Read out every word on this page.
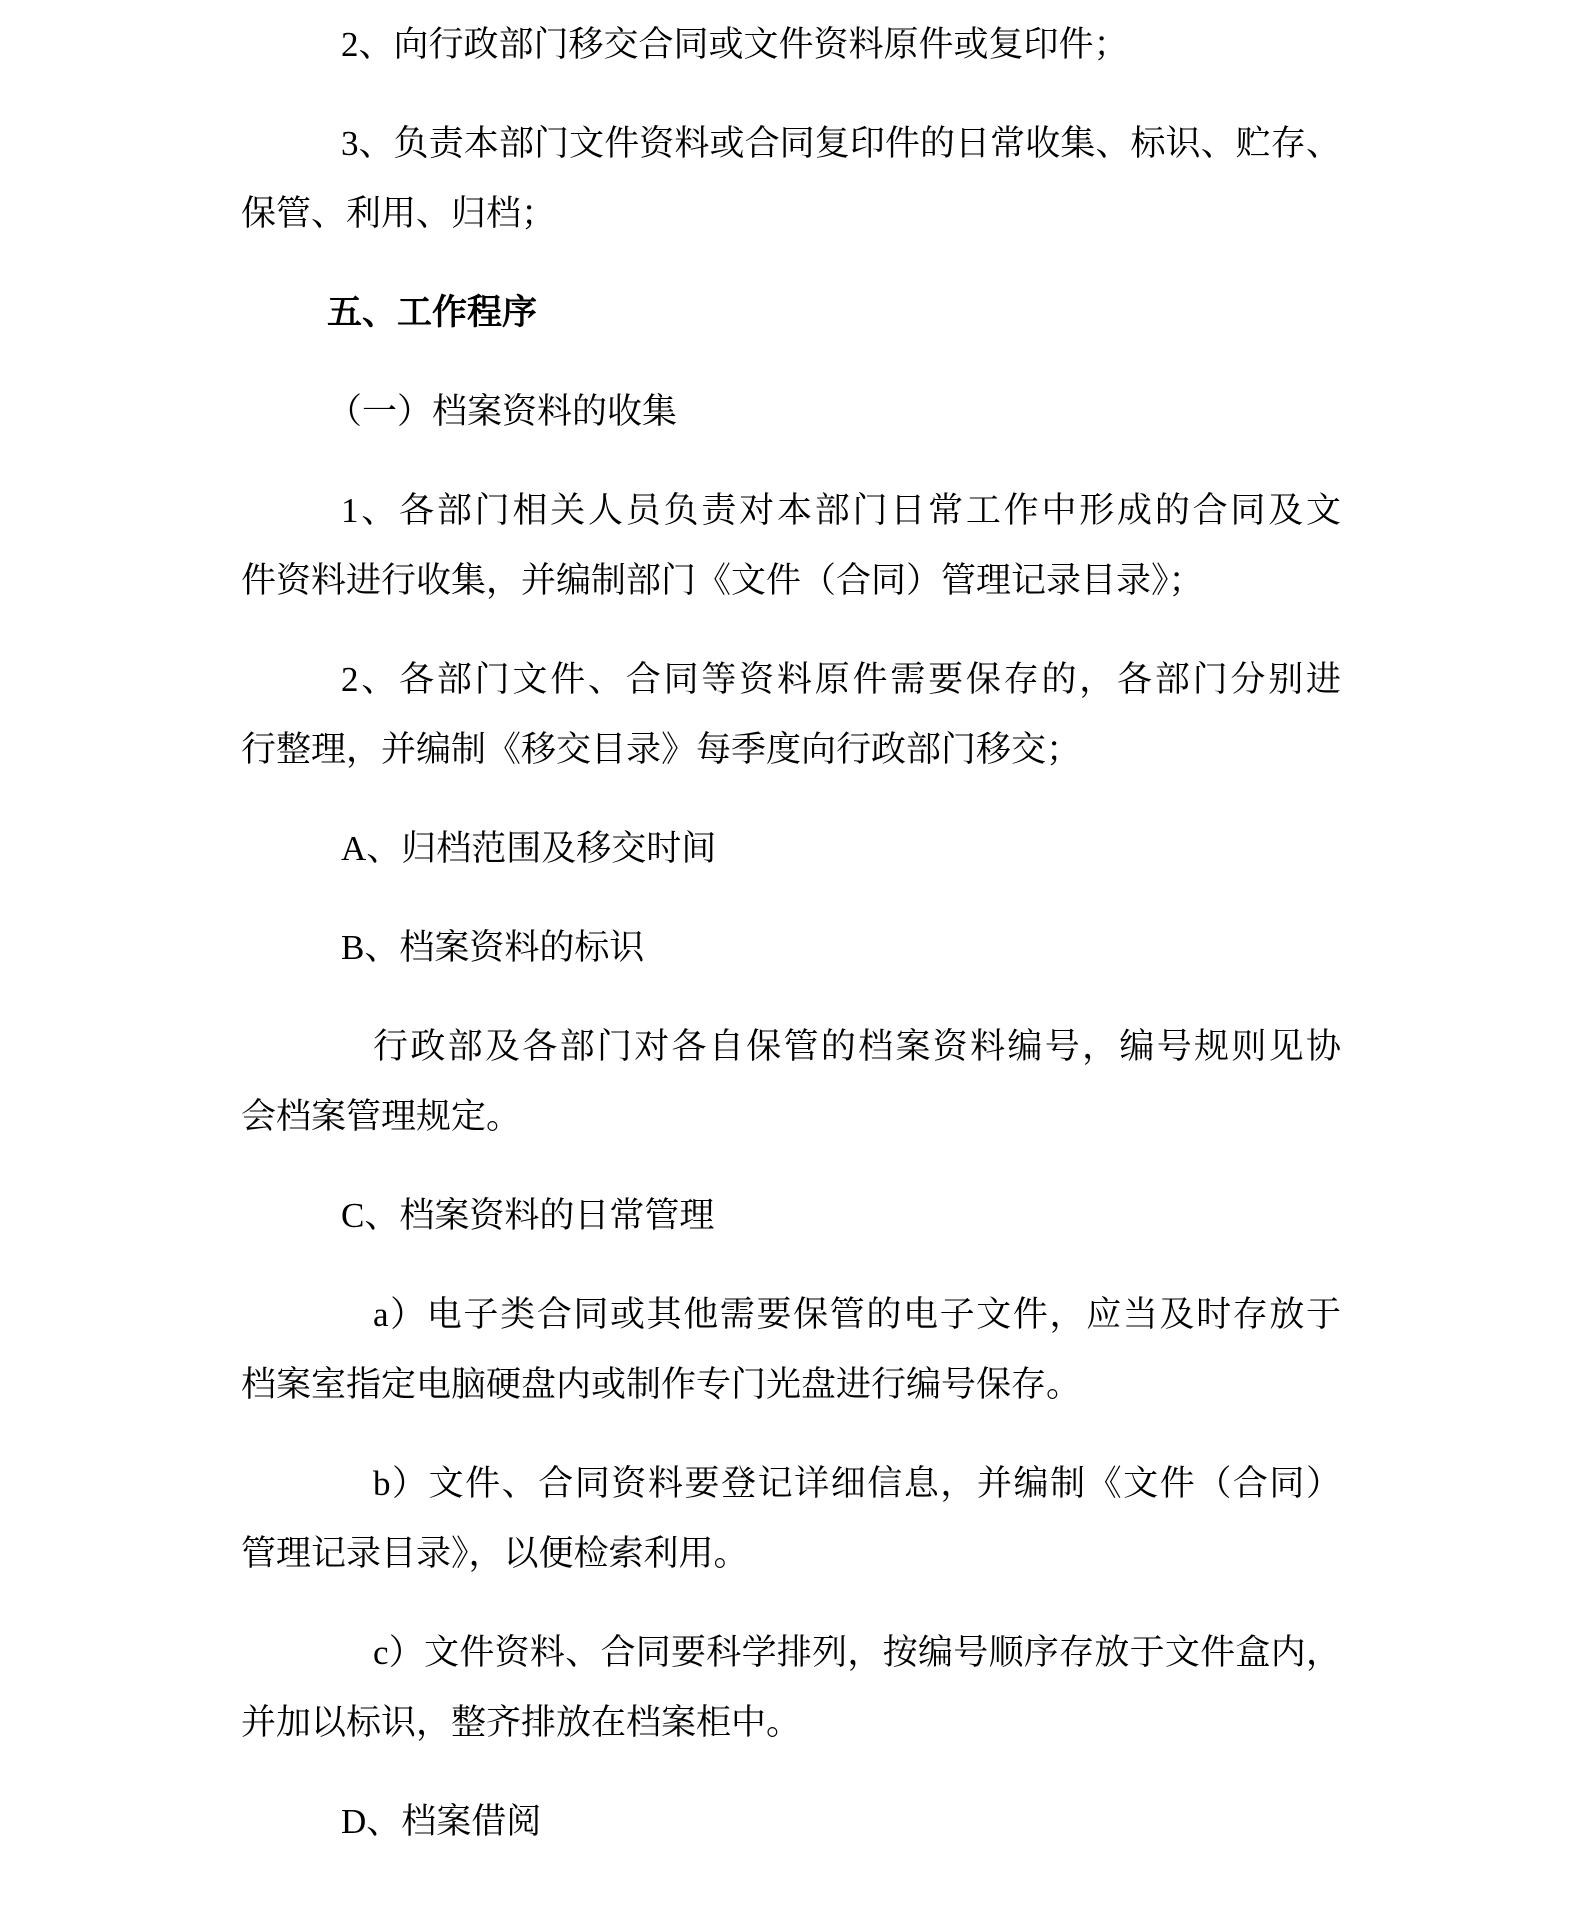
2、向行政部门移交合同或文件资料原件或复印件；
3、负责本部门文件资料或合同复印件的日常收集、标识、贮存、
保管、利用、归档；
五、工作程序
（一）档案资料的收集
1、各部门相关人员负责对本部门日常工作中形成的合同及文
件资料进行收集，并编制部门《文件（合同）管理记录目录》；
2、各部门文件、合同等资料原件需要保存的，各部门分别进
行整理，并编制《移交目录》每季度向行政部门移交；
A、归档范围及移交时间
B、档案资料的标识
行政部及各部门对各自保管的档案资料编号，编号规则见协
会档案管理规定。
C、档案资料的日常管理
a）电子类合同或其他需要保管的电子文件，应当及时存放于
档案室指定电脑硬盘内或制作专门光盘进行编号保存。
b）文件、合同资料要登记详细信息，并编制《文件（合同）
管理记录目录》，以便检索利用。
c）文件资料、合同要科学排列，按编号顺序存放于文件盒内，
并加以标识，整齐排放在档案柜中。
D、档案借阅
